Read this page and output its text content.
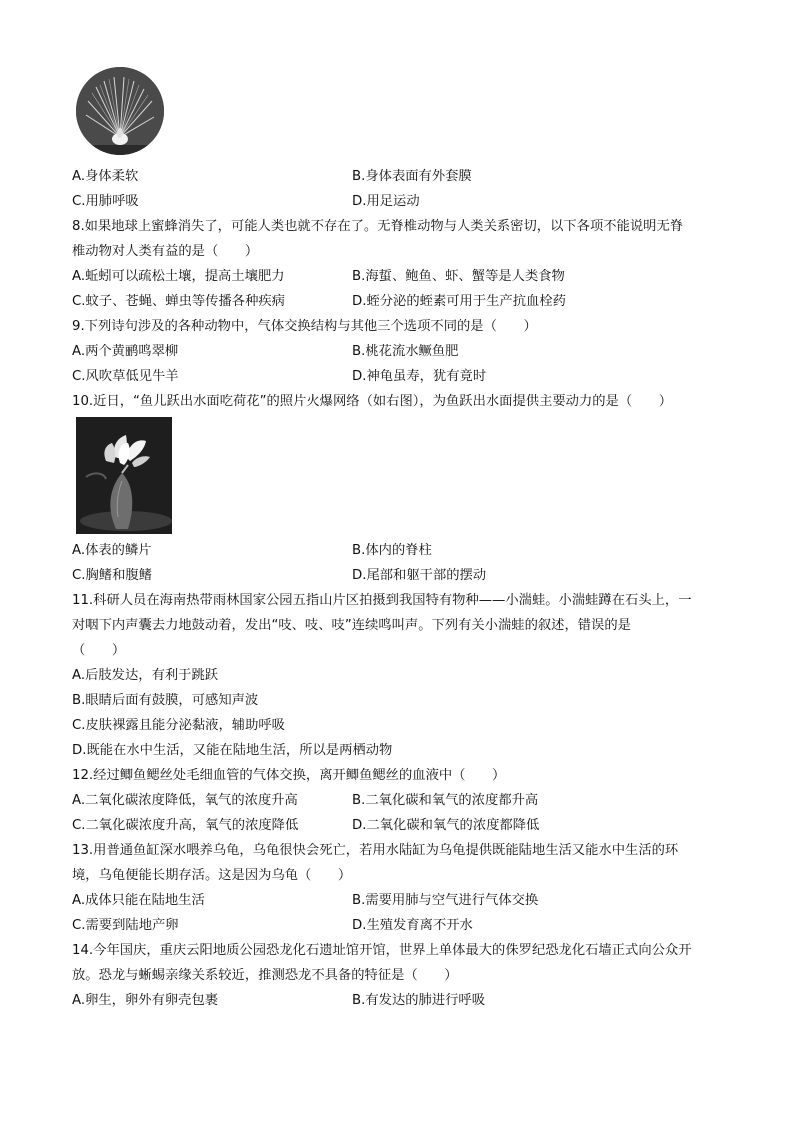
A.身体柔软	B.身体表面有外套膜
C.用肺呼吸	D.用足运动
8.如果地球上蜜蜂消失了，可能人类也就不存在了。无脊椎动物与人类关系密切，以下各项不能说明无脊
椎动物对人类有益的是（　　）
A.蚯蚓可以疏松土壤，提高土壤肥力	B.海蜇、鲍鱼、虾、蟹等是人类食物
C.蚊子、苍蝇、蝉虫等传播各种疾病	D.蛭分泌的蛭素可用于生产抗血栓药
9.下列诗句涉及的各种动物中，气体交换结构与其他三个选项不同的是（　　）
A.两个黄鹂鸣翠柳	B.桃花流水鳜鱼肥
C.风吹草低见牛羊	D.神龟虽寿，犹有竟时
10.近日，“鱼儿跃出水面吃荷花”的照片火爆网络（如右图），为鱼跃出水面提供主要动力的是（　　）
A.体表的鳞片	B.体内的脊柱
C.胸鳍和腹鳍	D.尾部和躯干部的摆动
11.科研人员在海南热带雨林国家公园五指山片区拍摄到我国特有物种——小湍蛙。小湍蛙蹲在石头上，一
对咽下内声囊去力地鼓动着，发出“吱、吱、吱”连续鸣叫声。下列有关小湍蛙的叙述，错误的是
（　　）
A.后肢发达，有利于跳跃
B.眼睛后面有鼓膜，可感知声波
C.皮肤裸露且能分泌黏液，辅助呼吸
D.既能在水中生活，又能在陆地生活，所以是两栖动物
12.经过鲫鱼鳃丝处毛细血管的气体交换，离开鲫鱼鳃丝的血液中（　　）
A.二氧化碳浓度降低，氧气的浓度升高	B.二氧化碳和氧气的浓度都升高
C.二氧化碳浓度升高，氧气的浓度降低	D.二氧化碳和氧气的浓度都降低
13.用普通鱼缸深水喂养乌龟，乌龟很快会死亡，若用水陆缸为乌龟提供既能陆地生活又能水中生活的环
境，乌龟便能长期存活。这是因为乌龟（　　）
A.成体只能在陆地生活	B.需要用肺与空气进行气体交换
C.需要到陆地产卵	D.生殖发育离不开水
14.今年国庆，重庆云阳地质公园恐龙化石遗址馆开馆，世界上单体最大的侏罗纪恐龙化石墙正式向公众开
放。恐龙与蜥蜴亲缘关系较近，推测恐龙不具备的特征是（　　）
A.卵生，卵外有卵壳包裹	B.有发达的肺进行呼吸
